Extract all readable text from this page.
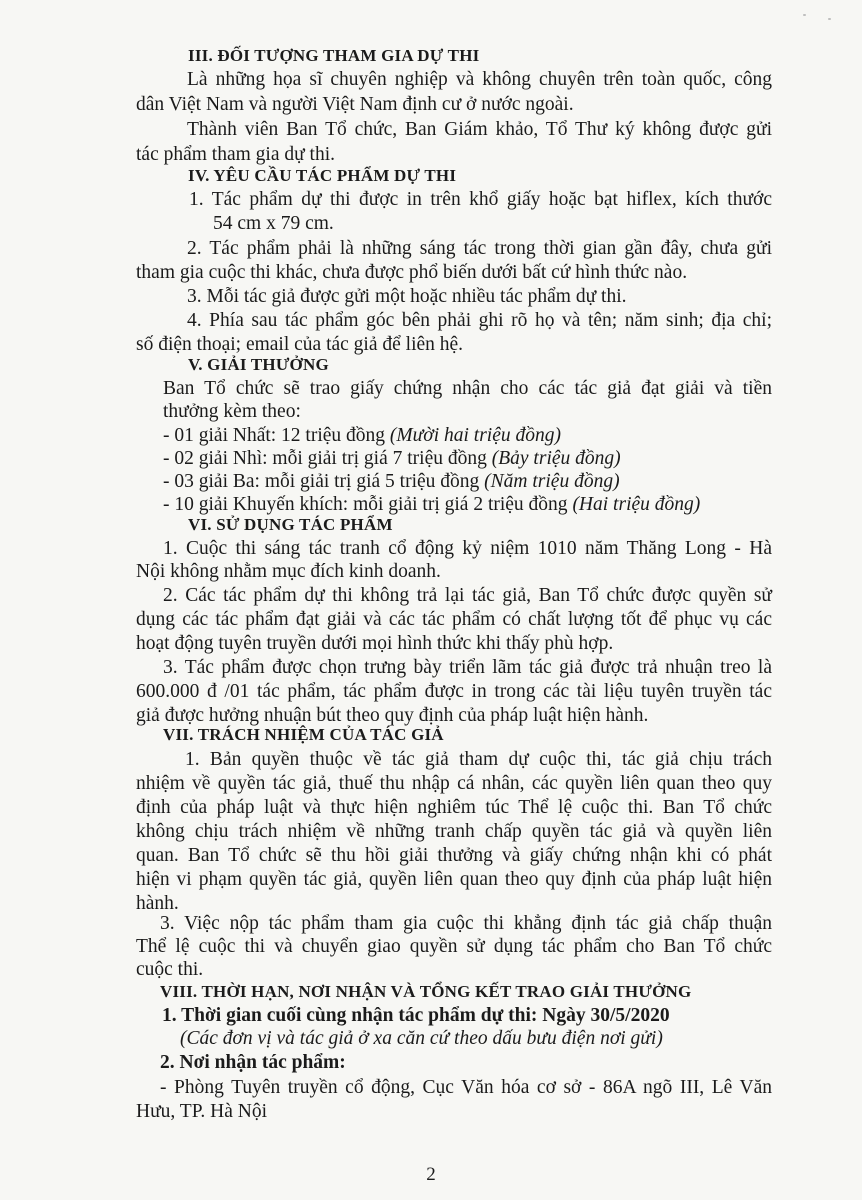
III. ĐỐI TƯỢNG THAM GIA DỰ THI
Là những họa sĩ chuyên nghiệp và không chuyên trên toàn quốc, công
dân Việt Nam và người Việt Nam định cư ở nước ngoài.
Thành viên Ban Tổ chức, Ban Giám khảo, Tổ Thư ký không được gửi
tác phẩm tham gia dự thi.
IV. YÊU CẦU TÁC PHẨM DỰ THI
1. Tác phẩm dự thi được in trên khổ giấy hoặc bạt hiflex, kích thước
54 cm x 79 cm.
2. Tác phẩm phải là những sáng tác trong thời gian gần đây, chưa gửi
tham gia cuộc thi khác, chưa được phổ biến dưới bất cứ hình thức nào.
3. Mỗi tác giả được gửi một hoặc nhiều tác phẩm dự thi.
4. Phía sau tác phẩm góc bên phải ghi rõ họ và tên; năm sinh; địa chỉ;
số điện thoại; email của tác giả để liên hệ.
V. GIẢI THƯỞNG
Ban Tổ chức sẽ trao giấy chứng nhận cho các tác giả đạt giải và tiền
thưởng kèm theo:
- 01 giải Nhất: 12 triệu đồng (Mười hai triệu đồng)
- 02 giải Nhì: mỗi giải trị giá 7 triệu đồng (Bảy triệu đồng)
- 03 giải Ba: mỗi giải trị giá 5 triệu đồng (Năm triệu đồng)
- 10 giải Khuyến khích: mỗi giải trị giá 2 triệu đồng (Hai triệu đồng)
VI. SỬ DỤNG TÁC PHẨM
1. Cuộc thi sáng tác tranh cổ động kỷ niệm 1010 năm Thăng Long - Hà
Nội không nhằm mục đích kinh doanh.
2. Các tác phẩm dự thi không trả lại tác giả, Ban Tổ chức được quyền sử
dụng các tác phẩm đạt giải và các tác phẩm có chất lượng tốt để phục vụ các
hoạt động tuyên truyền dưới mọi hình thức khi thấy phù hợp.
3. Tác phẩm được chọn trưng bày triển lãm tác giả được trả nhuận treo là
600.000 đ /01 tác phẩm, tác phẩm được in trong các tài liệu tuyên truyền tác
giả được hưởng nhuận bút theo quy định của pháp luật hiện hành.
VII. TRÁCH NHIỆM CỦA TÁC GIẢ
1. Bản quyền thuộc về tác giả tham dự cuộc thi, tác giả chịu trách
nhiệm về quyền tác giả, thuế thu nhập cá nhân, các quyền liên quan theo quy
định của pháp luật và thực hiện nghiêm túc Thể lệ cuộc thi. Ban Tổ chức
không chịu trách nhiệm về những tranh chấp quyền tác giả và quyền liên
quan. Ban Tổ chức sẽ thu hồi giải thưởng và giấy chứng nhận khi có phát
hiện vi phạm quyền tác giả, quyền liên quan theo quy định của pháp luật hiện
hành.
3. Việc nộp tác phẩm tham gia cuộc thi khẳng định tác giả chấp thuận
Thể lệ cuộc thi và chuyển giao quyền sử dụng tác phẩm cho Ban Tổ chức
cuộc thi.
VIII. THỜI HẠN, NƠI NHẬN VÀ TỔNG KẾT TRAO GIẢI THƯỞNG
1. Thời gian cuối cùng nhận tác phẩm dự thi: Ngày 30/5/2020
(Các đơn vị và tác giả ở xa căn cứ theo dấu bưu điện nơi gửi)
2. Nơi nhận tác phẩm:
- Phòng Tuyên truyền cổ động, Cục Văn hóa cơ sở - 86A ngõ III, Lê Văn
Hưu, TP. Hà Nội
2
